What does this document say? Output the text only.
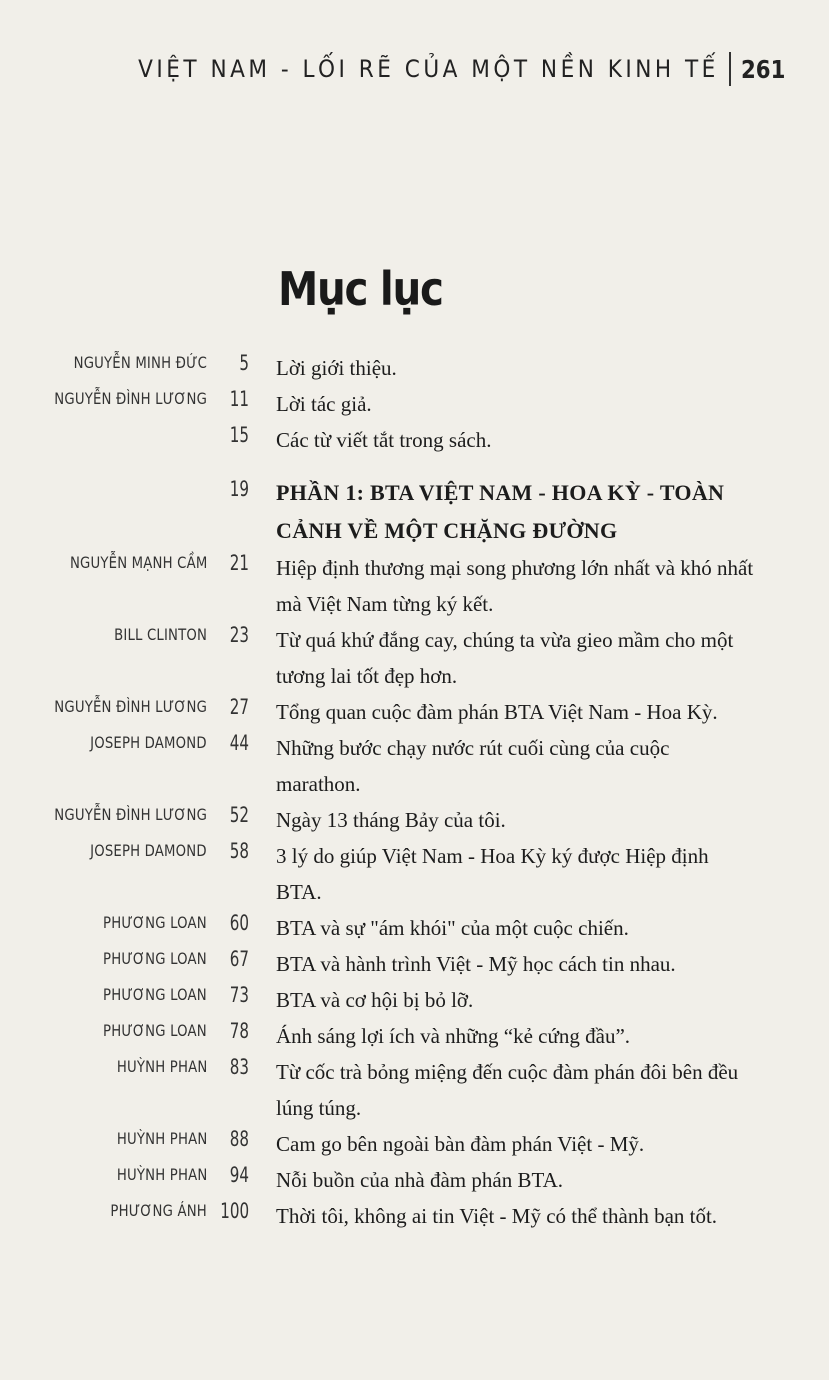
VIỆT NAM - LỐI RẼ CỦA MỘT NỀN KINH TẾ 261
Mục lục
NGUYỄN MINH ĐỨC 5 Lời giới thiệu.
NGUYỄN ĐÌNH LƯƠNG 11 Lời tác giả.
15 Các từ viết tắt trong sách.
19 PHẦN 1: BTA VIỆT NAM - HOA KỲ - TOÀN CẢNH VỀ MỘT CHẶNG ĐƯỜNG
NGUYỄN MẠNH CẦM 21 Hiệp định thương mại song phương lớn nhất và khó nhất mà Việt Nam từng ký kết.
BILL CLINTON 23 Từ quá khứ đắng cay, chúng ta vừa gieo mầm cho một tương lai tốt đẹp hơn.
NGUYỄN ĐÌNH LƯƠNG 27 Tổng quan cuộc đàm phán BTA Việt Nam - Hoa Kỳ.
JOSEPH DAMOND 44 Những bước chạy nước rút cuối cùng của cuộc marathon.
NGUYỄN ĐÌNH LƯƠNG 52 Ngày 13 tháng Bảy của tôi.
JOSEPH DAMOND 58 3 lý do giúp Việt Nam - Hoa Kỳ ký được Hiệp định BTA.
PHƯƠNG LOAN 60 BTA và sự "ám khói" của một cuộc chiến.
PHƯƠNG LOAN 67 BTA và hành trình Việt - Mỹ học cách tin nhau.
PHƯƠNG LOAN 73 BTA và cơ hội bị bỏ lỡ.
PHƯƠNG LOAN 78 Ánh sáng lợi ích và những “kẻ cứng đầu”.
HUỲNH PHAN 83 Từ cốc trà bỏng miệng đến cuộc đàm phán đôi bên đều lúng túng.
HUỲNH PHAN 88 Cam go bên ngoài bàn đàm phán Việt - Mỹ.
HUỲNH PHAN 94 Nỗi buồn của nhà đàm phán BTA.
PHƯƠNG ÁNH 100 Thời tôi, không ai tin Việt - Mỹ có thể thành bạn tốt.
